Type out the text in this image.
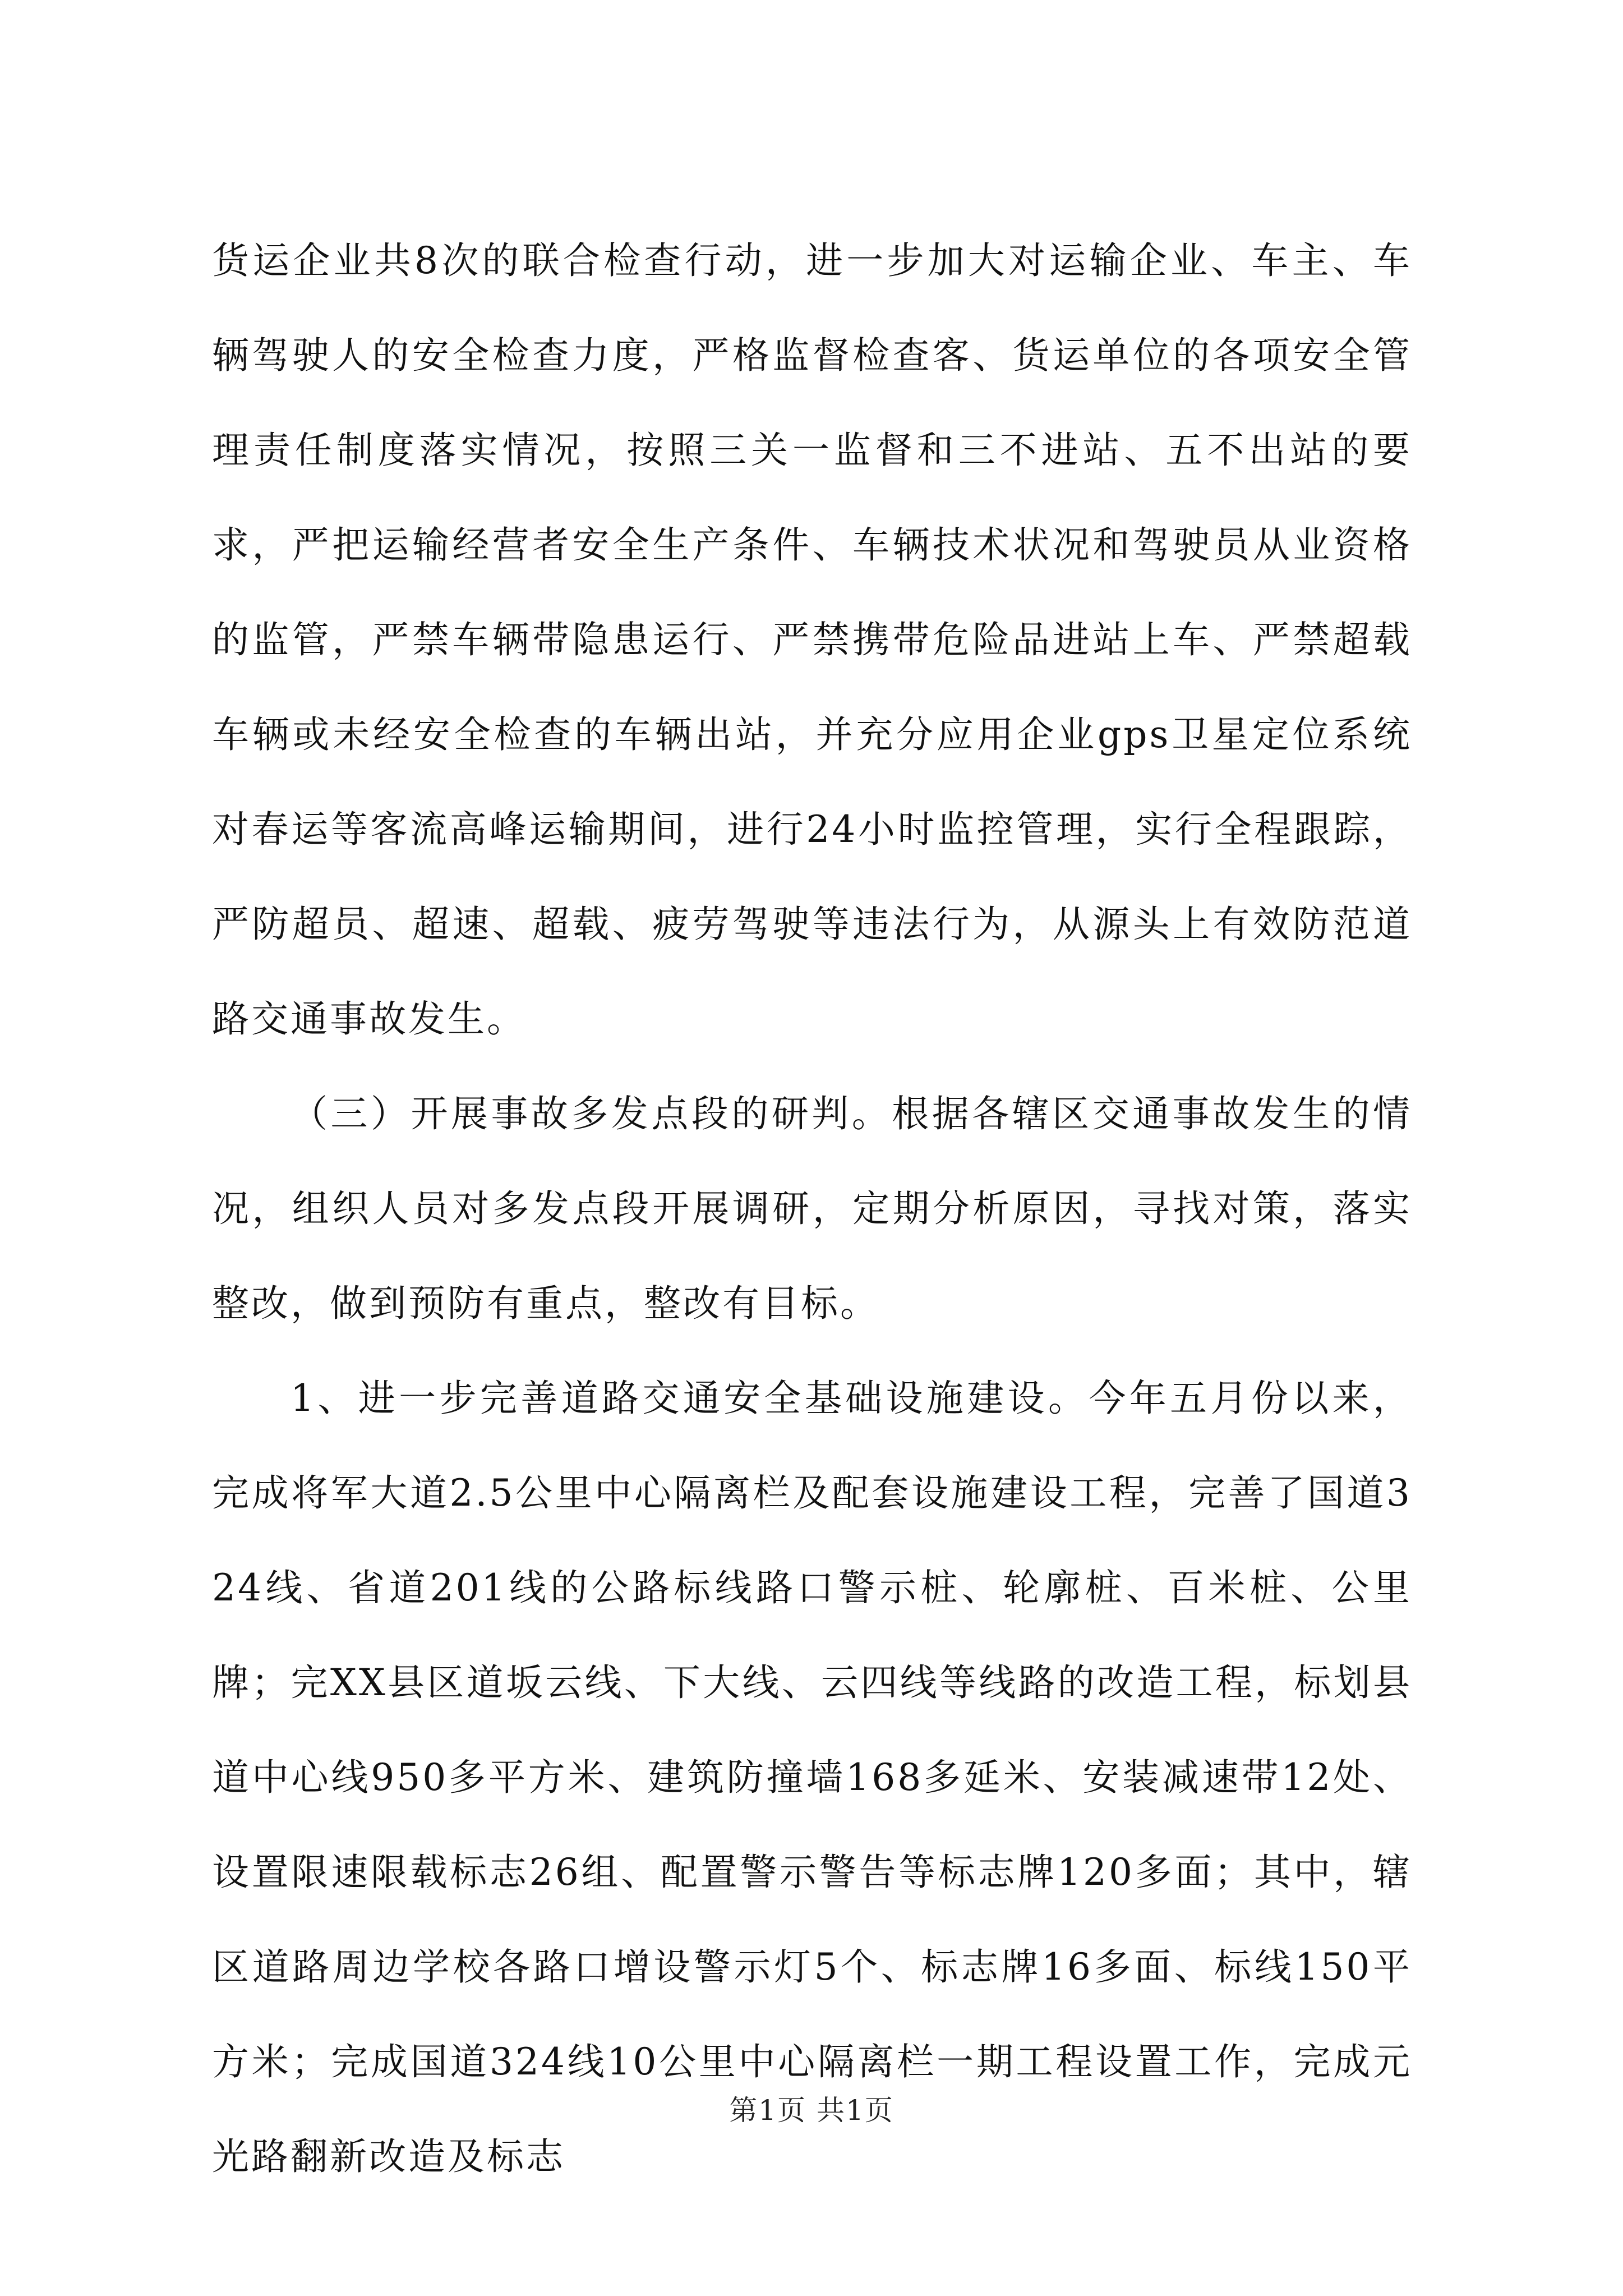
货运企业共8次的联合检查行动，进一步加大对运输企业、车主、车辆驾驶人的安全检查力度，严格监督检查客、货运单位的各项安全管理责任制度落实情况，按照三关一监督和三不进站、五不出站的要求，严把运输经营者安全生产条件、车辆技术状况和驾驶员从业资格的监管，严禁车辆带隐患运行、严禁携带危险品进站上车、严禁超载车辆或未经安全检查的车辆出站，并充分应用企业gps卫星定位系统对春运等客流高峰运输期间，进行24小时监控管理，实行全程跟踪，严防超员、超速、超载、疲劳驾驶等违法行为，从源头上有效防范道路交通事故发生。

（三）开展事故多发点段的研判。根据各辖区交通事故发生的情况，组织人员对多发点段开展调研，定期分析原因，寻找对策，落实整改，做到预防有重点，整改有目标。

1、进一步完善道路交通安全基础设施建设。今年五月份以来，完成将军大道2.5公里中心隔离栏及配套设施建设工程，完善了国道324线、省道201线的公路标线路口警示桩、轮廓桩、百米桩、公里牌；完XX县区道坂云线、下大线、云四线等线路的改造工程，标划县道中心线950多平方米、建筑防撞墙168多延米、安装减速带12处、设置限速限载标志26组、配置警示警告等标志牌120多面；其中，辖区道路周边学校各路口增设警示灯5个、标志牌16多面、标线150平方米；完成国道324线10公里中心隔离栏一期工程设置工作，完成元光路翻新改造及标志

第1页 共1页
